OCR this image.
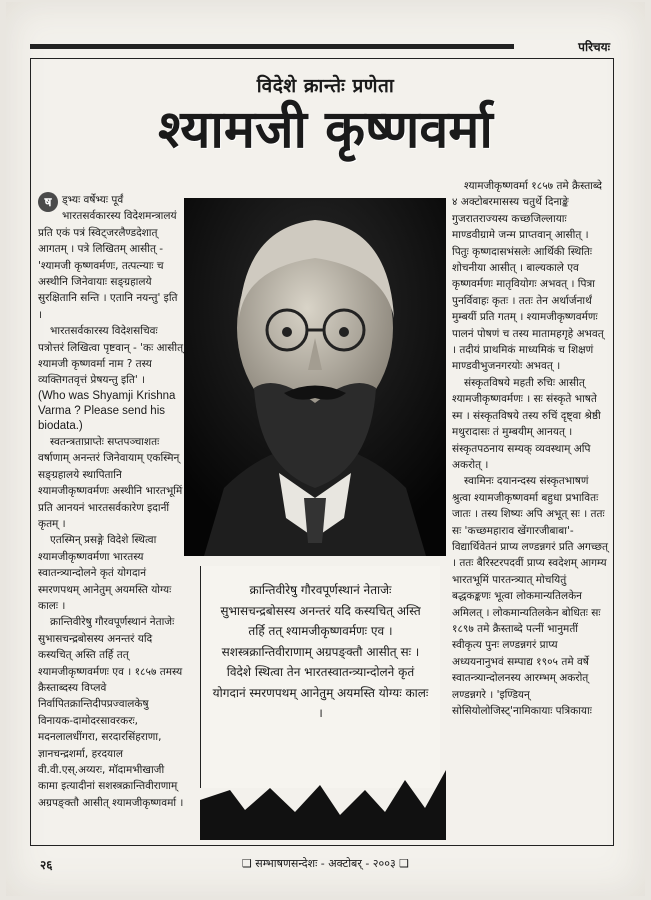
परिचयः
विदेशे क्रान्तेः प्रणेता
श्यामजी कृष्णवर्मा
ष	ड्भ्यः वर्षेभ्यः पूर्वं भारतसर्वकारस्य विदेशमन्त्रालयं प्रति एकं पत्रं स्विट्जरलैण्डदेशात् आगतम् । पत्रे लिखितम् आसीत् - 'श्यामजी कृष्णवर्मणः, तत्पत्न्याः च अस्थीनि जिनेवायाः सङ्ग्रहालये सुरक्षितानि सन्ति । एतानि नयन्तु' इति ।

भारतसर्वकारस्य विदेशसचिवः पत्रोत्तरं लिखित्वा पृष्टवान् - 'कः आसीत् श्यामजी कृष्णवर्मा नाम ? तस्य व्यक्तिगतवृत्तं प्रेषयन्तु इति' ।

(Who was Shyamji Krishna Varma ? Please send his biodata.)

स्वतन्त्रताप्राप्तेः सप्तपञ्चाशतः वर्षाणाम् अनन्तरं जिनेवायाम् एकस्मिन् सङ्ग्रहालये स्थापितानि श्यामजीकृष्णवर्मणः अस्थीनि भारतभूमिं प्रति आनयनं भारतसर्वकारेण इदानीं कृतम् ।

एतस्मिन् प्रसङ्गे विदेशे स्थित्वा श्यामजीकृष्णवर्मणा भारतस्य स्वातन्त्र्यान्दोलने कृतं योगदानं स्मरणपथम् आनेतुम् अयमस्ति योग्यः कालः ।

क्रान्तिवीरेषु गौरवपूर्णस्थानं नेताजेः सुभासचन्द्रबोसस्य अनन्तरं यदि कस्यचित् अस्ति तर्हि तत् श्यामजीकृष्णवर्मणः एव । १८५७ तमस्य क्रैस्ताब्दस्य विप्लवे निर्वापितक्रान्तिदीपप्रज्वालकेषु विनायक-दामोदरसावरकरः, मदनलालधींगरा, सरदारसिंहराणा, ज्ञानचन्द्रशर्मा, हरदयाल वी.वी.एस्.अय्यरः, मॉदामभीखाजी कामा इत्यादीनां सशस्त्रक्रान्तिवीराणाम् अग्रपङ्क्तौ आसीत् श्यामजीकृष्णवर्मा ।

क्रान्तिवीरेषु गौरवपूर्णस्थानं नेताजेः सुभासचन्द्रबोसस्य अनन्तरं यदि कस्यचित् अस्ति तर्हि तत् श्यामजीकृष्णवर्मणः एव । सशस्त्रक्रान्तिवीराणाम् अग्रपङ्क्तौ आसीत् सः । विदेशे स्थित्वा तेन भारतस्वातन्त्र्यान्दोलने कृतं योगदानं स्मरणपथम् आनेतुम् अयमस्ति योग्यः कालः ।

श्यामजीकृष्णवर्मा १८५७ तमे क्रैस्ताब्दे ४ अक्टोबरमासस्य चतुर्थे दिनाङ्के गुजरातराज्यस्य कच्छजिल्लायाः माण्डवीग्रामे जन्म प्राप्तवान् आसीत् । पितुः कृष्णदासभंसलेः आर्थिकी स्थितिः शोचनीया आसीत् । बाल्यकाले एव कृष्णवर्मणः मातृवियोगः अभवत् । पित्रा पुनर्विवाहः कृतः । ततः तेन अर्थार्जनार्थं मुम्बयीं प्रति गतम् । श्यामजीकृष्णवर्मणः पालनं पोषणं च तस्य मातामहगृहे अभवत् । तदीयं प्राथमिकं माध्यमिकं च शिक्षणं माण्डवीभुजनगरयोः अभवत् ।

संस्कृतविषये महती रुचिः आसीत् श्यामजीकृष्णवर्मणः । सः संस्कृते भाषते स्म । संस्कृतविषये तस्य रुचिं दृष्ट्वा श्रेष्ठी मथुरादासः तं मुम्बयीम् आनयत् । संस्कृतपठनाय सम्यक् व्यवस्थाम् अपि अकरोत् ।

स्वामिनः दयानन्दस्य संस्कृतभाषणं श्रुत्वा श्यामजीकृष्णवर्मा बहुधा प्रभावितः जातः । तस्य शिष्यः अपि अभूत् सः । ततः सः 'कच्छमहाराव खेंगारजीबाबा'-विद्यार्थिवेतनं प्राप्य लण्डन्नगरं प्रति अगच्छत् । ततः बैरिस्टरपदवीं प्राप्य स्वदेशम् आगम्य भारतभूमिं पारतन्त्र्यात् मोचयितुं बद्धकङ्कणः भूत्वा लोकमान्यतिलकेन अमिलत् । लोकमान्यतिलकेन बोधितः सः १८९७ तमे क्रैस्ताब्दे पत्नीं भानुमतीं स्वीकृत्य पुनः लण्डन्नगरं प्राप्य अध्ययनानुभवं सम्पाद्य १९०५ तमे वर्षे स्वातन्त्र्यान्दोलनस्य आरम्भम् अकरोत् लण्डन्नगरे । 'इण्डियन् सोसियोलोजिस्ट्'नामिकायाः पत्रिकायाः

२६	❑ सम्भाषणसन्देशः - अक्टोबर् - २००३ ❑
